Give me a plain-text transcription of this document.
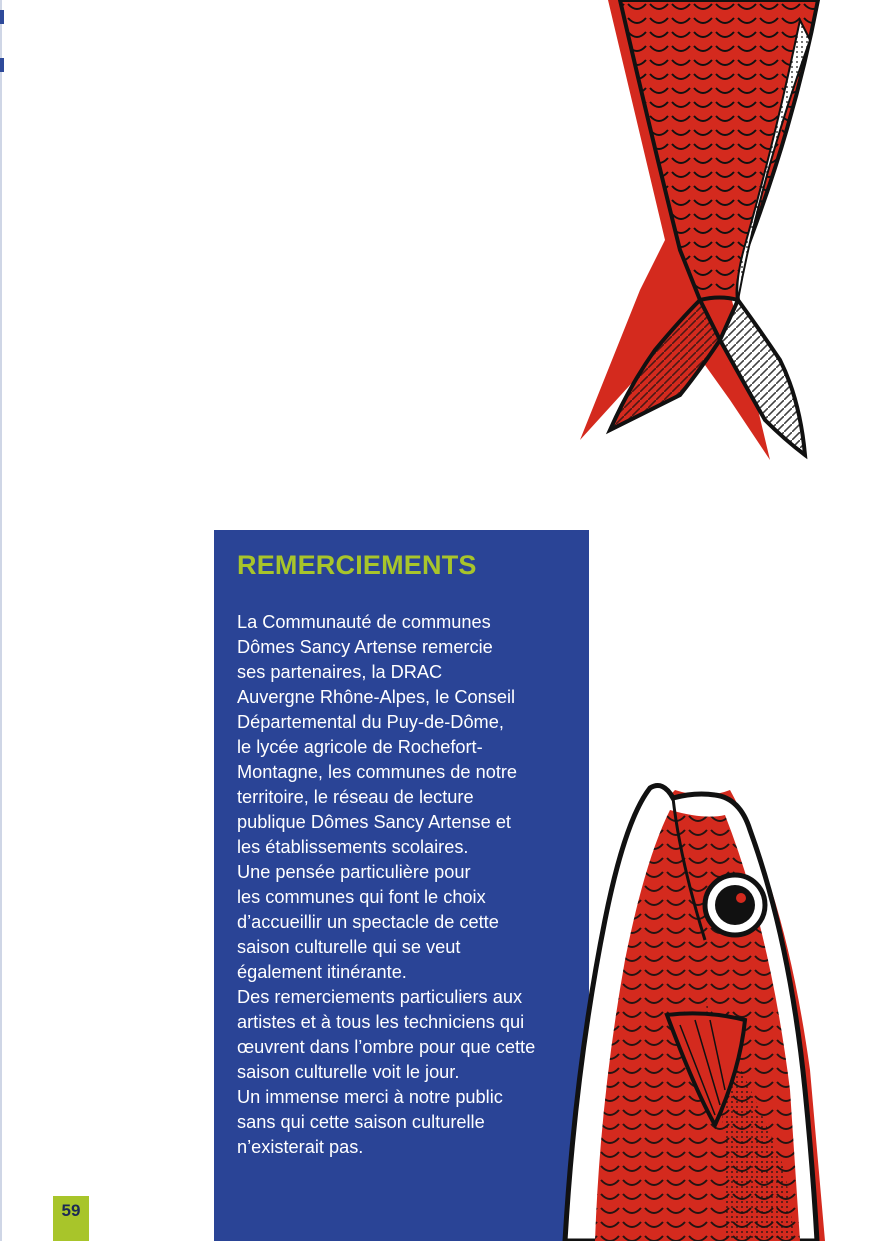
REMERCIEMENTS
La Communauté de communes
Dômes Sancy Artense remercie
ses partenaires, la DRAC
Auvergne Rhône-Alpes, le Conseil
Départemental du Puy-de-Dôme,
le lycée agricole de Rochefort-
Montagne, les communes de notre
territoire, le réseau de lecture
publique Dômes Sancy Artense et
les établissements scolaires.
Une pensée particulière pour
les communes qui font le choix
d’accueillir un spectacle de cette
saison culturelle qui se veut
également itinérante.
Des remerciements particuliers aux
artistes et à tous les techniciens qui
œuvrent dans l’ombre pour que cette
saison culturelle voit le jour.
Un immense merci à notre public
sans qui cette saison culturelle
n’existerait pas.
59
